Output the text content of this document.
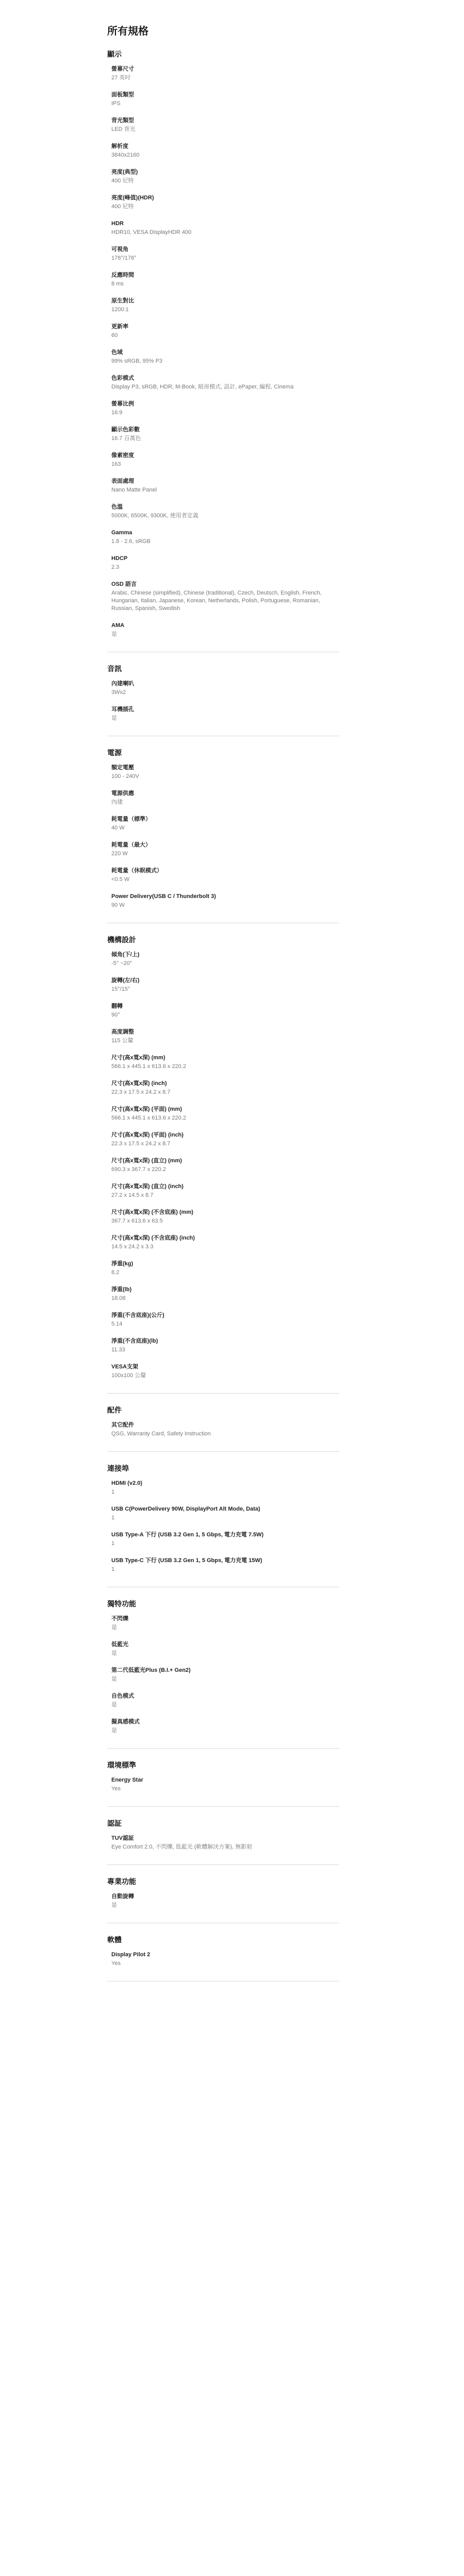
所有規格
顯示
螢幕尺寸
27 英吋
面板類型
IPS
背光類型
LED 背光
解析度
3840x2160
亮度(典型)
400 尼特
亮度(峰值)(HDR)
400 尼特
HDR
HDR10, VESA DisplayHDR 400
可視角
178°/178°
反應時間
8 ms
原生對比
1200:1
更新率
60
色域
99% sRGB, 95% P3
色彩模式
Display P3, sRGB, HDR, M-Book, 暗房模式, 設計, ePaper, 編程, Cinema
螢幕比例
16:9
顯示色彩數
16.7 百萬色
像素密度
163
表面處理
Nano Matte Panel
色溫
5000K, 6500K, 9300K, 使用者定義
Gamma
1.8 - 2.6, sRGB
HDCP
2.3
OSD 語言
Arabic, Chinese (simplified), Chinese (traditional), Czech, Deutsch, English, French, Hungarian, Italian, Japanese, Korean, Netherlands, Polish, Portuguese, Romanian, Russian, Spanish, Swedish
AMA
是
音訊
內建喇叭
3Wx2
耳機插孔
是
電源
額定電壓
100 - 240V
電源供應
內建
耗電量（標準）
40 W
耗電量（最大）
220 W
耗電量（休眠模式）
<0.5 W
Power Delivery(USB C / Thunderbolt 3)
90 W
機構設計
傾角(下/上)
-5° ~20°
旋轉(左/右)
15°/15°
翻轉
90°
高度調整
115 公釐
尺寸(高x寬x深) (mm)
566.1 x 445.1 x 613.6 x 220.2
尺寸(高x寬x深) (inch)
22.3 x 17.5 x 24.2 x 8.7
尺寸(高x寬x深) (平面) (mm)
566.1 x 445.1 x 613.6 x 220.2
尺寸(高x寬x深) (平面) (inch)
22.3 x 17.5 x 24.2 x 8.7
尺寸(高x寬x深) (直立) (mm)
690.3 x 367.7 x 220.2
尺寸(高x寬x深) (直立) (inch)
27.2 x 14.5 x 8.7
尺寸(高x寬x深) (不含底座) (mm)
367.7 x 613.6 x 63.5
尺寸(高x寬x深) (不含底座) (inch)
14.5 x 24.2 x 3.3
淨重(kg)
8.2
淨重(lb)
18.08
淨重(不含底座)(公斤)
5.14
淨重(不含底座)(lb)
11.33
VESA支架
100x100 公釐
配件
其它配件
QSG, Warranty Card, Safety Instruction
連接埠
HDMI (v2.0)
1
USB C(PowerDelivery 90W, DisplayPort Alt Mode, Data)
1
USB Type-A 下行 (USB 3.2 Gen 1, 5 Gbps, 電力充電 7.5W)
1
USB Type-C 下行 (USB 3.2 Gen 1, 5 Gbps, 電力充電 15W)
1
獨特功能
不閃爍
是
低藍光
是
第二代低藍光Plus (B.I.+ Gen2)
是
自色模式
是
擬真感模式
是
環境標準
Energy Star
Yes
認証
TUV認証
Eye Comfort 2.0, 不閃爍, 低藍光 (軟體解決方案), 無影射
專業功能
自動旋轉
是
軟體
Display Pilot 2
Yes
